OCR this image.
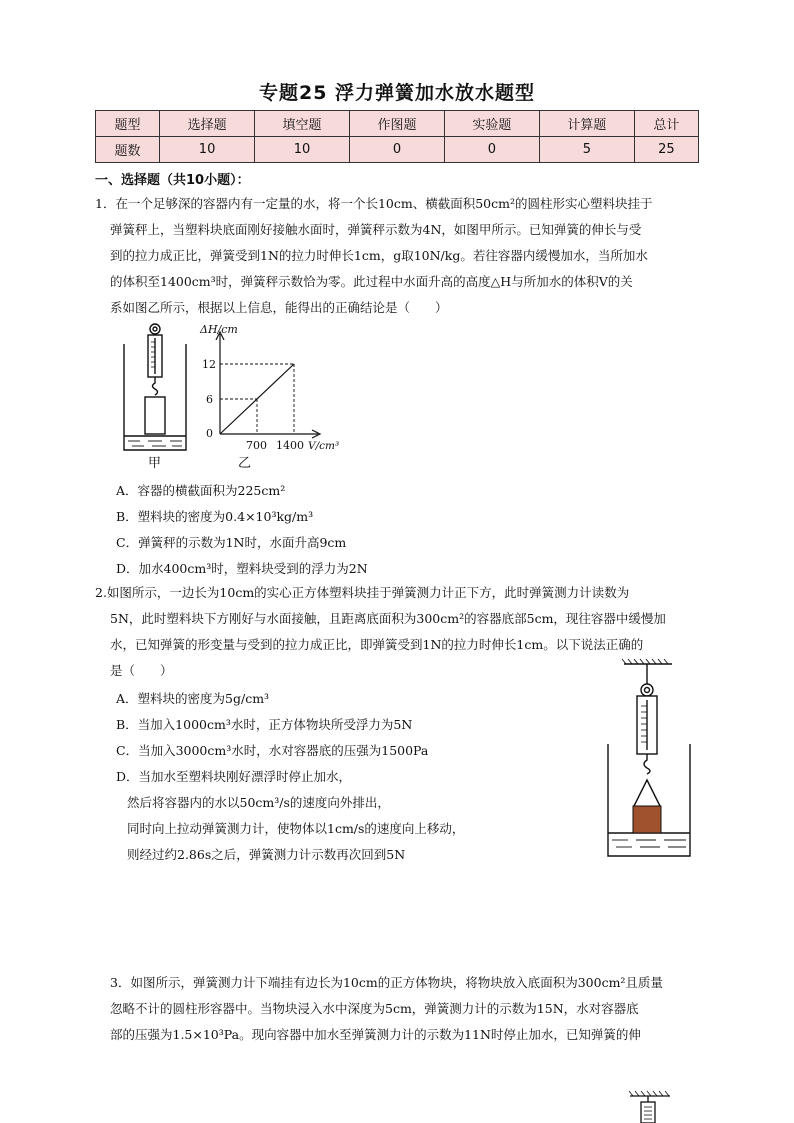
专题25 浮力弹簧加水放水题型
题型	选择题	填空题	作图题	实验题	计算题	总计
题数	10	10	0	0	5	25
一、选择题（共10小题）：
1．在一个足够深的容器内有一定量的水，将一个长10cm、横截面积50cm²的圆柱形实心塑料块挂于
弹簧秤上，当塑料块底面刚好接触水面时，弹簧秤示数为4N，如图甲所示。已知弹簧的伸长与受
到的拉力成正比，弹簧受到1N的拉力时伸长1cm，g取10N/kg。若往容器内缓慢加水，当所加水
的体积至1400cm³时，弹簧秤示数恰为零。此过程中水面升高的高度△H与所加水的体积V的关
系如图乙所示，根据以上信息，能得出的正确结论是（　　）
甲
ΔH/cm
12
6
0
700 1400 V/cm³
乙
A．容器的横截面积为225cm²
B．塑料块的密度为0.4×10³kg/m³
C．弹簧秤的示数为1N时，水面升高9cm
D．加水400cm³时，塑料块受到的浮力为2N
2.如图所示，一边长为10cm的实心正方体塑料块挂于弹簧测力计正下方，此时弹簧测力计读数为
5N，此时塑料块下方刚好与水面接触，且距离底面积为300cm²的容器底部5cm，现往容器中缓慢加
水，已知弹簧的形变量与受到的拉力成正比，即弹簧受到1N的拉力时伸长1cm。以下说法正确的
是（　　）
A．塑料块的密度为5g/cm³
B．当加入1000cm³水时，正方体物块所受浮力为5N
C．当加入3000cm³水时，水对容器底的压强为1500Pa
D．当加水至塑料块刚好漂浮时停止加水，
然后将容器内的水以50cm³/s的速度向外排出，
同时向上拉动弹簧测力计，使物体以1cm/s的速度向上移动，
则经过约2.86s之后，弹簧测力计示数再次回到5N
3．如图所示，弹簧测力计下端挂有边长为10cm的正方体物块，将物块放入底面积为300cm²且质量
忽略不计的圆柱形容器中。当物块浸入水中深度为5cm，弹簧测力计的示数为15N，水对容器底
部的压强为1.5×10³Pa。现向容器中加水至弹簧测力计的示数为11N时停止加水，已知弹簧的伸
